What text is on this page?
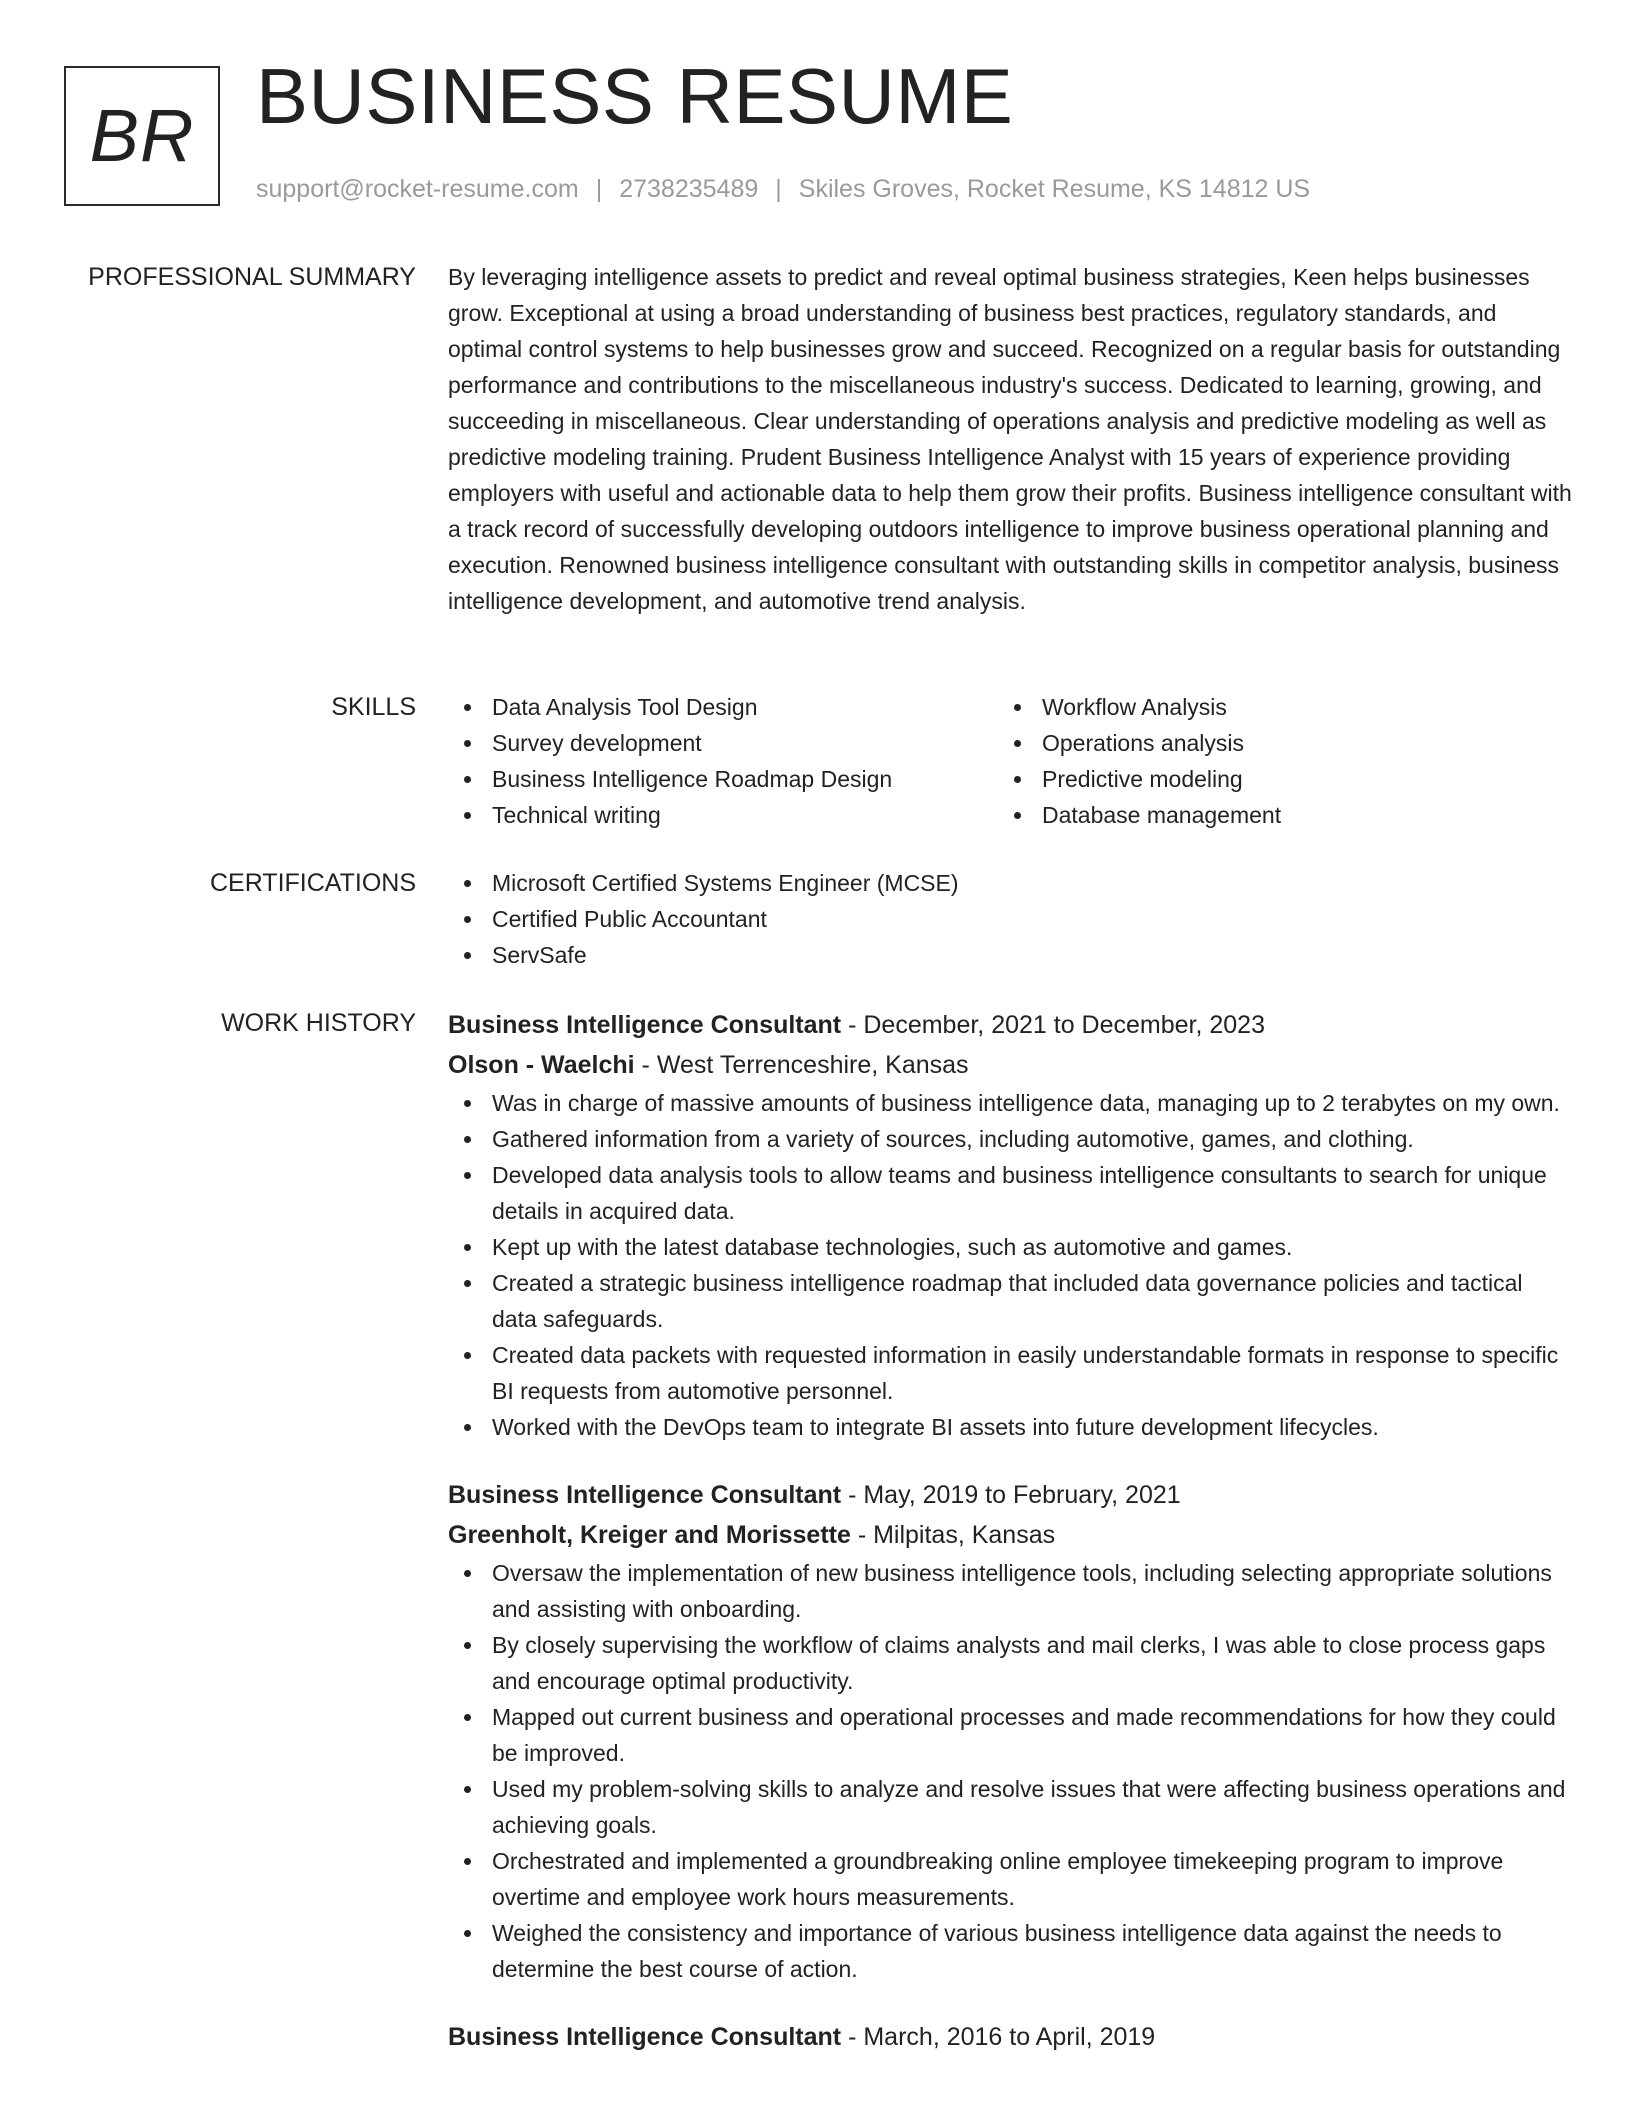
BR BUSINESS RESUME
support@rocket-resume.com | 2738235489 | Skiles Groves, Rocket Resume, KS 14812 US
PROFESSIONAL SUMMARY By leveraging intelligence assets to predict and reveal optimal business strategies, Keen helps businesses grow. Exceptional at using a broad understanding of business best practices, regulatory standards, and optimal control systems to help businesses grow and succeed. Recognized on a regular basis for outstanding performance and contributions to the miscellaneous industry's success. Dedicated to learning, growing, and succeeding in miscellaneous. Clear understanding of operations analysis and predictive modeling as well as predictive modeling training. Prudent Business Intelligence Analyst with 15 years of experience providing employers with useful and actionable data to help them grow their profits. Business intelligence consultant with a track record of successfully developing outdoors intelligence to improve business operational planning and execution. Renowned business intelligence consultant with outstanding skills in competitor analysis, business intelligence development, and automotive trend analysis.

SKILLS	Data Analysis Tool Design
Survey development
Business Intelligence Roadmap Design
Technical writing
Workflow Analysis
Operations analysis
Predictive modeling
Database management
CERTIFICATIONS	Microsoft Certified Systems Engineer (MCSE)
Certified Public Accountant
ServSafe
WORK HISTORY Business Intelligence Consultant - December, 2021 to December, 2023
Olson - Waelchi - West Terrenceshire, Kansas
Was in charge of massive amounts of business intelligence data, managing up to 2 terabytes on my own.
Gathered information from a variety of sources, including automotive, games, and clothing.
Developed data analysis tools to allow teams and business intelligence consultants to search for unique details in acquired data.
Kept up with the latest database technologies, such as automotive and games.
Created a strategic business intelligence roadmap that included data governance policies and tactical data safeguards.
Created data packets with requested information in easily understandable formats in response to specific BI requests from automotive personnel.
Worked with the DevOps team to integrate BI assets into future development lifecycles.
Business Intelligence Consultant - May, 2019 to February, 2021
Greenholt, Kreiger and Morissette - Milpitas, Kansas
Oversaw the implementation of new business intelligence tools, including selecting appropriate solutions and assisting with onboarding.
By closely supervising the workflow of claims analysts and mail clerks, I was able to close process gaps and encourage optimal productivity.
Mapped out current business and operational processes and made recommendations for how they could be improved.
Used my problem-solving skills to analyze and resolve issues that were affecting business operations and achieving goals.
Orchestrated and implemented a groundbreaking online employee timekeeping program to improve overtime and employee work hours measurements.
Weighed the consistency and importance of various business intelligence data against the needs to determine the best course of action.
Business Intelligence Consultant - March, 2016 to April, 2019
